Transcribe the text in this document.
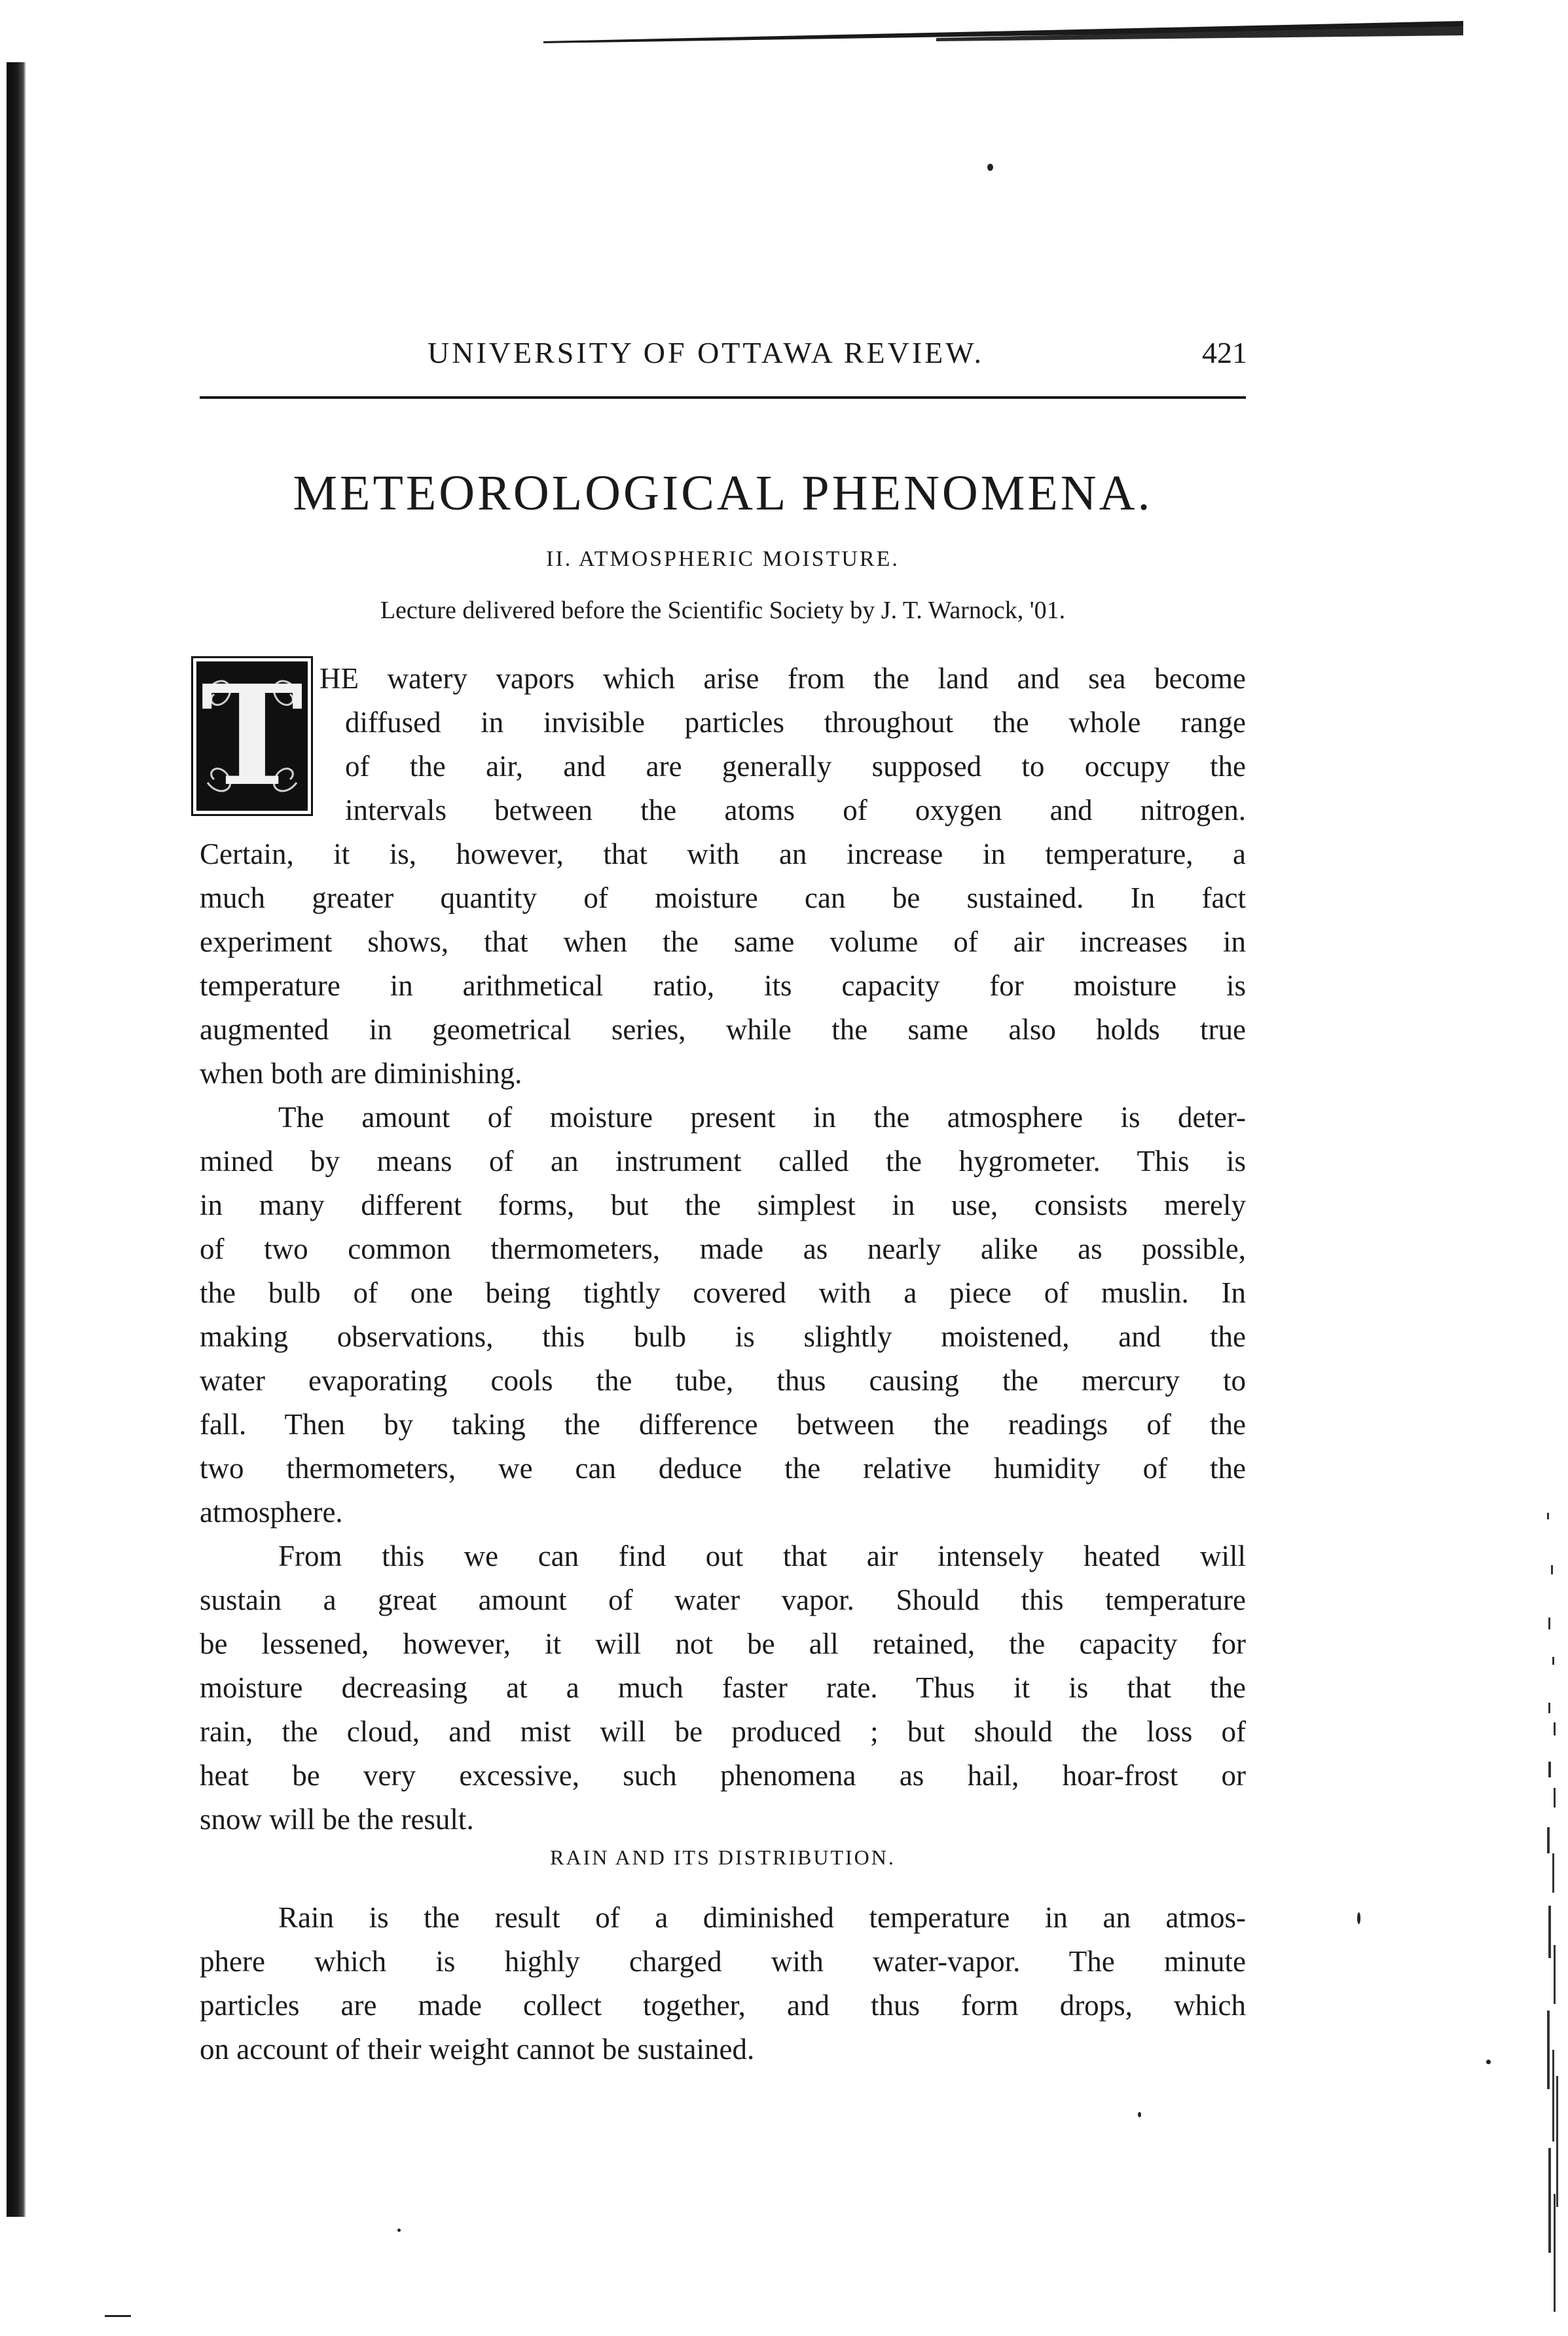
UNIVERSITY OF OTTAWA REVIEW.	421
METEOROLOGICAL PHENOMENA.
II. ATMOSPHERIC MOISTURE.
Lecture delivered before the Scientific Society by J. T. Warnock, '01.
T HE watery vapors which arise from the land and sea become
diffused in invisible particles throughout the whole range
of the air, and are generally supposed to occupy the
intervals between the atoms of oxygen and nitrogen.
Certain, it is, however, that with an increase in temperature, a
much greater quantity of moisture can be sustained. In fact
experiment shows, that when the same volume of air increases in
temperature in arithmetical ratio, its capacity for moisture is
augmented in geometrical series, while the same also holds true
when both are diminishing.
The amount of moisture present in the atmosphere is deter-
mined by means of an instrument called the hygrometer. This is
in many different forms, but the simplest in use, consists merely
of two common thermometers, made as nearly alike as possible,
the bulb of one being tightly covered with a piece of muslin. In
making observations, this bulb is slightly moistened, and the
water evaporating cools the tube, thus causing the mercury to
fall. Then by taking the difference between the readings of the
two thermometers, we can deduce the relative humidity of the
atmosphere.
From this we can find out that air intensely heated will
sustain a great amount of water vapor. Should this temperature
be lessened, however, it will not be all retained, the capacity for
moisture decreasing at a much faster rate. Thus it is that the
rain, the cloud, and mist will be produced ; but should the loss of
heat be very excessive, such phenomena as hail, hoar-frost or
snow will be the result.
RAIN AND ITS DISTRIBUTION.
Rain is the result of a diminished temperature in an atmos-
phere which is highly charged with water-vapor. The minute
particles are made collect together, and thus form drops, which
on account of their weight cannot be sustained.
